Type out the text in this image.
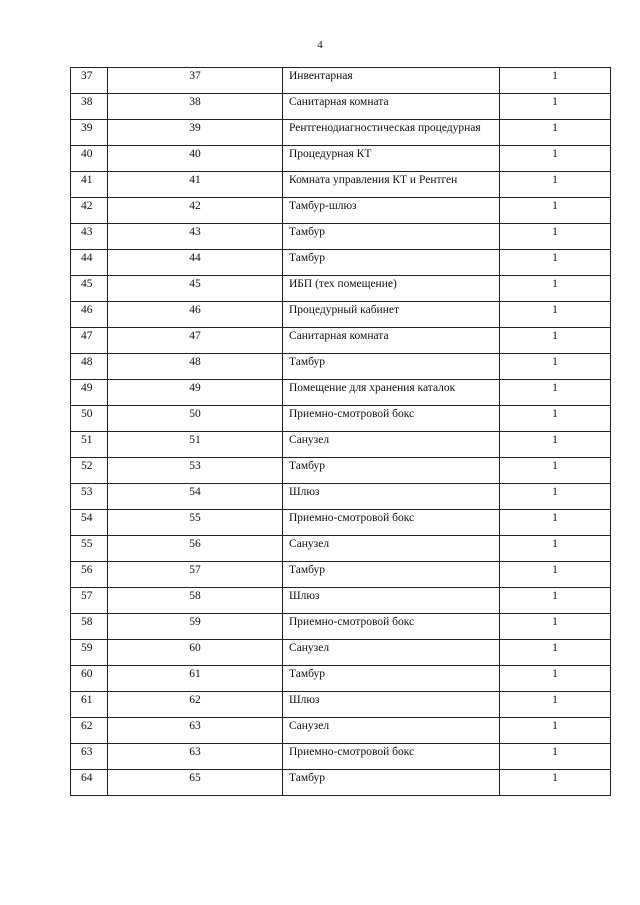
4
37	37	Инвентарная	1
38	38	Санитарная комната	1
39	39	Рентгенодиагностическая процедурная	1
40	40	Процедурная КТ	1
41	41	Комната управления КТ и Рентген	1
42	42	Тамбур-шлюз	1
43	43	Тамбур	1
44	44	Тамбур	1
45	45	ИБП (тех помещение)	1
46	46	Процедурный кабинет	1
47	47	Санитарная комната	1
48	48	Тамбур	1
49	49	Помещение для хранения каталок	1
50	50	Приемно-смотровой бокс	1
51	51	Санузел	1
52	53	Тамбур	1
53	54	Шлюз	1
54	55	Приемно-смотровой бокс	1
55	56	Санузел	1
56	57	Тамбур	1
57	58	Шлюз	1
58	59	Приемно-смотровой бокс	1
59	60	Санузел	1
60	61	Тамбур	1
61	62	Шлюз	1
62	63	Санузел	1
63	63	Приемно-смотровой бокс	1
64	65	Тамбур	1
